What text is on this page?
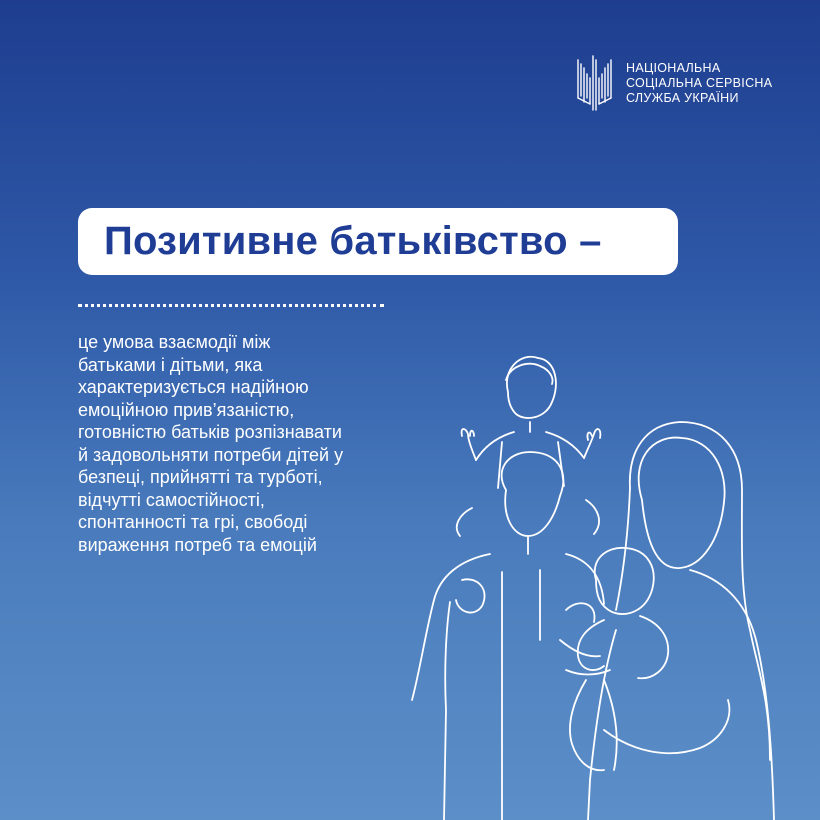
НАЦІОНАЛЬНА
СОЦІАЛЬНА СЕРВІСНА
СЛУЖБА УКРАЇНИ
Позитивне батьківство –
це умова взаємодії між
батьками і дітьми, яка
характеризується надійною
емоційною прив’язаністю,
готовністю батьків розпізнавати
й задовольняти потреби дітей у
безпеці, прийнятті та турботі,
відчутті самостійності,
спонтанності та грі, свободі
вираження потреб та емоцій
